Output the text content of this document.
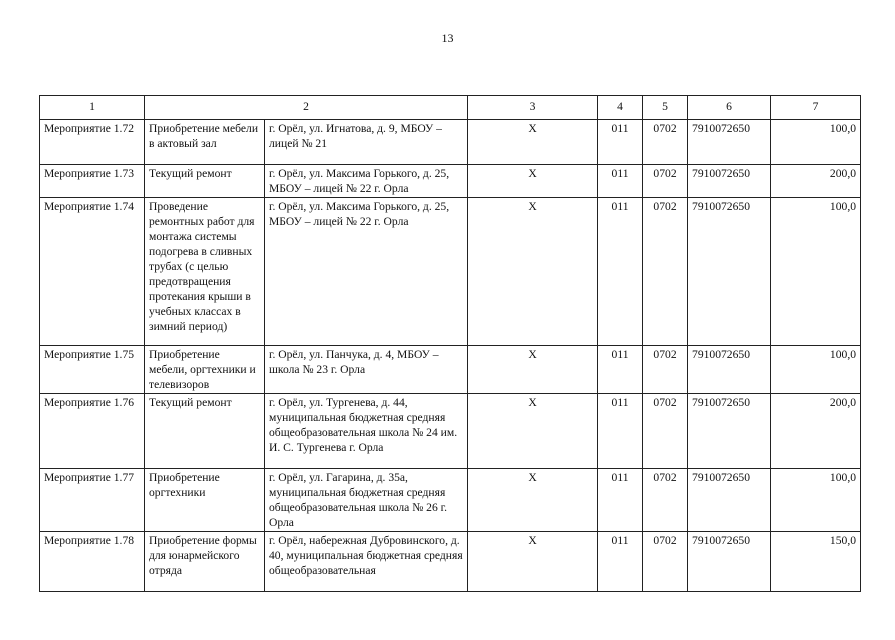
13
1	2		3	4	5	6	7
Мероприятие 1.72	Приобретение мебели в актовый зал	г. Орёл, ул. Игнатова, д. 9, МБОУ – лицей № 21	X	011	0702	7910072650	100,0
Мероприятие 1.73	Текущий ремонт	г. Орёл, ул. Максима Горького, д. 25, МБОУ – лицей № 22 г. Орла	X	011	0702	7910072650	200,0
Мероприятие 1.74	Проведение ремонтных работ для монтажа системы подогрева в сливных трубах (с целью предотвращения протекания крыши в учебных классах в зимний период)	г. Орёл, ул. Максима Горького, д. 25, МБОУ – лицей № 22 г. Орла	X	011	0702	7910072650	100,0
Мероприятие 1.75	Приобретение мебели, оргтехники и телевизоров	г. Орёл, ул. Панчука, д. 4, МБОУ – школа № 23 г. Орла	X	011	0702	7910072650	100,0
Мероприятие 1.76	Текущий ремонт	г. Орёл, ул. Тургенева, д. 44, муниципальная бюджетная средняя общеобразовательная школа № 24 им. И. С. Тургенева г. Орла	X	011	0702	7910072650	200,0
Мероприятие 1.77	Приобретение оргтехники	г. Орёл, ул. Гагарина, д. 35а, муниципальная бюджетная средняя общеобразовательная школа № 26 г. Орла	X	011	0702	7910072650	100,0
Мероприятие 1.78	Приобретение формы для юнармейского отряда	г. Орёл, набережная Дубровинского, д. 40, муниципальная бюджетная средняя общеобразовательная	X	011	0702	7910072650	150,0
